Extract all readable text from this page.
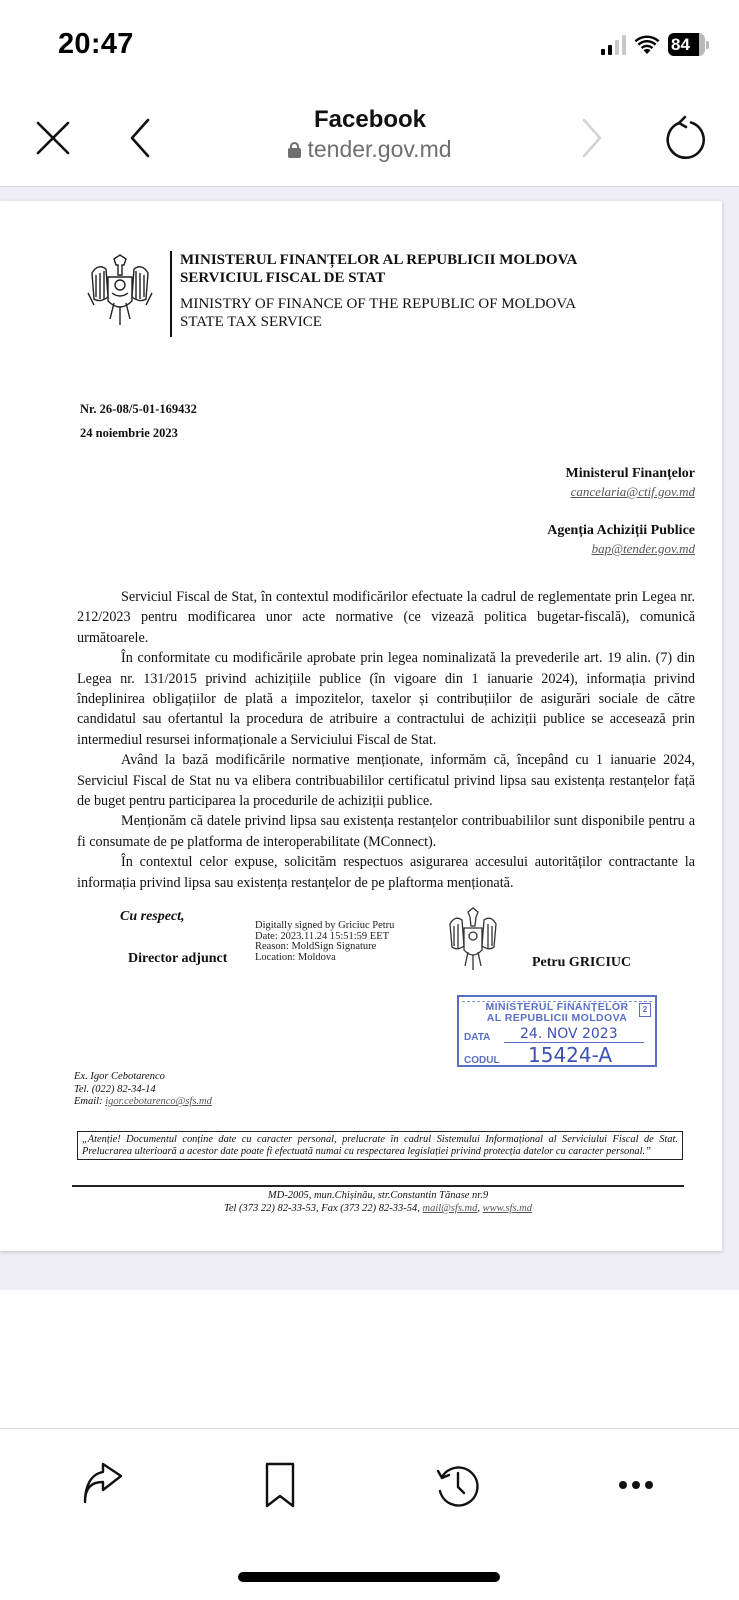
20:47	84
Facebook
tender.gov.md
MINISTERUL FINANȚELOR AL REPUBLICII MOLDOVA
SERVICIUL FISCAL DE STAT
MINISTRY OF FINANCE OF THE REPUBLIC OF MOLDOVA
STATE TAX SERVICE
Nr. 26-08/5-01-169432
24 noiembrie 2023
Ministerul Finanțelor
cancelaria@ctif.gov.md
Agenția Achiziții Publice
bap@tender.gov.md

Serviciul Fiscal de Stat, în contextul modificărilor efectuate la cadrul de reglementate prin Legea nr. 212/2023 pentru modificarea unor acte normative (ce vizează politica bugetar-fiscală), comunică următoarele.

În conformitate cu modificările aprobate prin legea nominalizată la prevederile art. 19 alin. (7) din Legea nr. 131/2015 privind achizițiile publice (în vigoare din 1 ianuarie 2024), informația privind îndeplinirea obligațiilor de plată a impozitelor, taxelor și contribuțiilor de asigurări sociale de către candidatul sau ofertantul la procedura de atribuire a contractului de achiziții publice se accesează prin intermediul resursei informaționale a Serviciului Fiscal de Stat.

Având la bază modificările normative menționate, informăm că, începând cu 1 ianuarie 2024, Serviciul Fiscal de Stat nu va elibera contribuabililor certificatul privind lipsa sau existența restanțelor față de buget pentru participarea la procedurile de achiziții publice.

Menționăm că datele privind lipsa sau existența restanțelor contribuabililor sunt disponibile pentru a fi consumate de pe platforma de interoperabilitate (MConnect).

În contextul celor expuse, solicităm respectuos asigurarea accesului autorităților contractante la informația privind lipsa sau existența restanțelor de pe plaftorma menționată.

Cu respect,
Director adjunct
Digitally signed by Griciuc Petru
Date: 2023.11.24 15:51:59 EET
Reason: MoldSign Signature
Location: Moldova	Petru GRICIUC
2
MINISTERUL FINANȚELOR
AL REPUBLICII MOLDOVA
DATA	24. NOV 2023
CODUL	15424-A
Ex. Igor Cebotarenco
Tel. (022) 82-34-14
Email: igor.cebotarenco@sfs.md
„Atenție! Documentul conține date cu caracter personal, prelucrate în cadrul Sistemului Informațional al Serviciului Fiscal de Stat. Prelucrarea ulterioară a acestor date poate fi efectuată numai cu respectarea legislației privind protecția datelor cu caracter personal.”
MD-2005, mun.Chișinău, str.Constantin Tănase nr.9
Tel (373 22) 82-33-53, Fax (373 22) 82-33-54, mail@sfs.md, www.sfs.md
